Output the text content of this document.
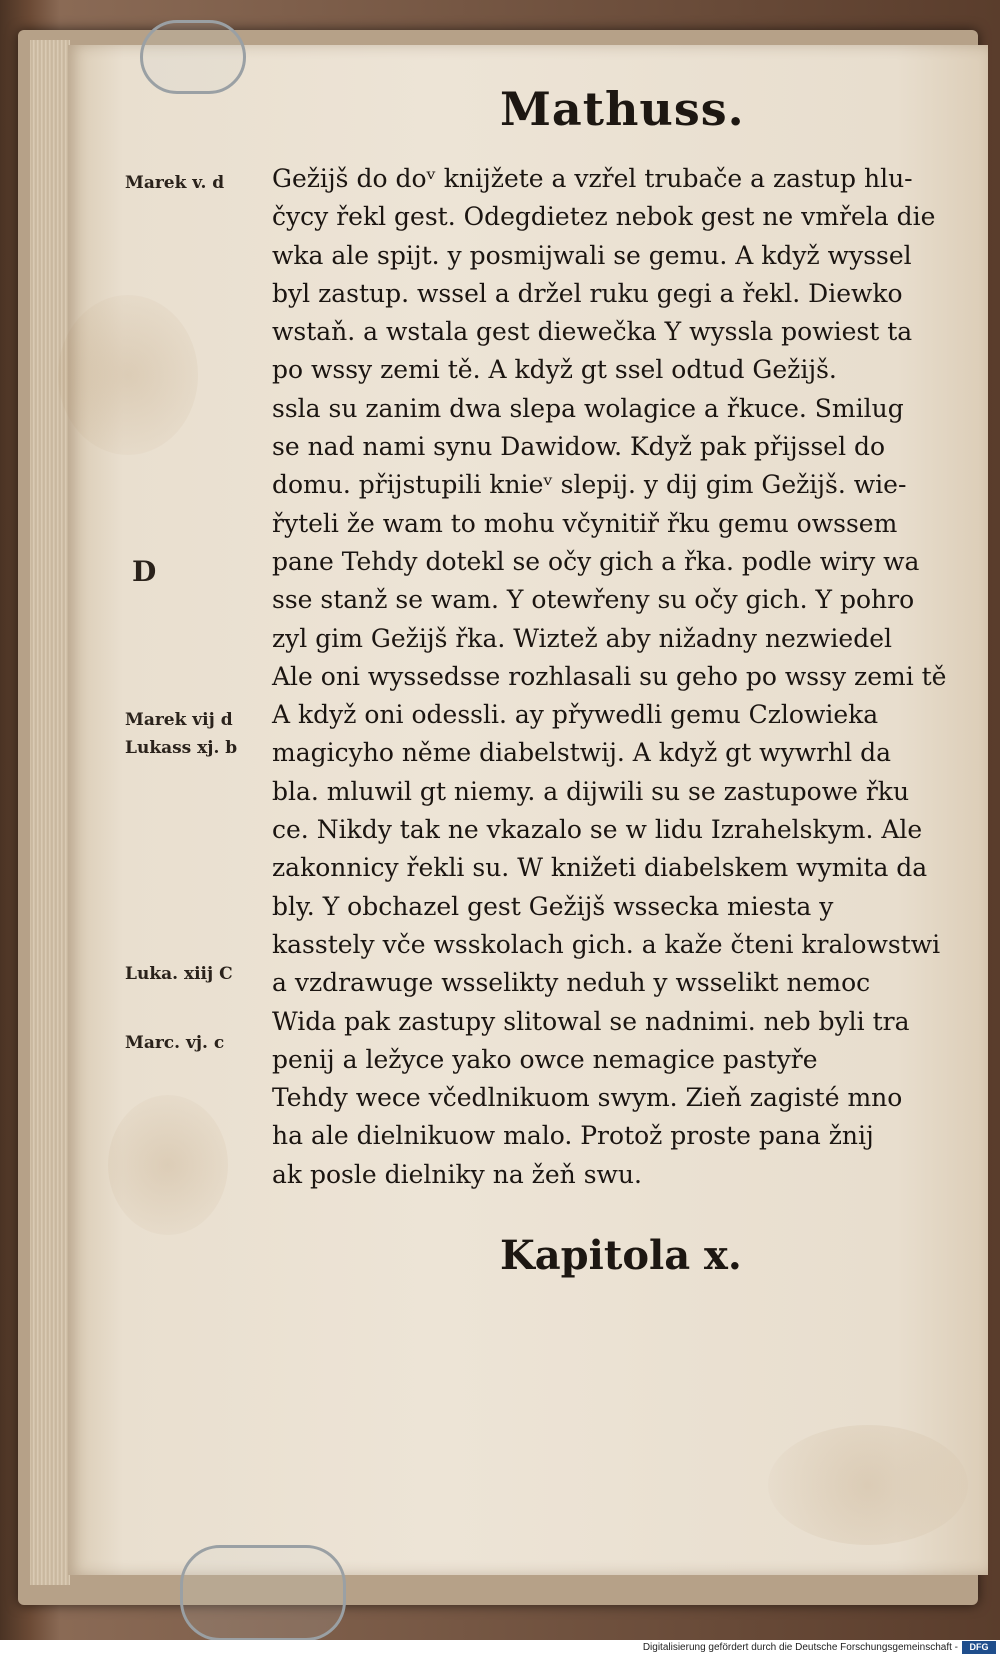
Mathuss.
Marek v. d
D
Marek vij d
Lukass xj. b
Luka. xiij C
Marc. vj. c
Gežijš do doᵛ knijžete a vzřel trubače a zastup hlu-
čycy řekl gest. Odegdietez nebok gest ne vmřela die
wka ale spijt. y posmijwali se gemu. A když wyssel
byl zastup. wssel a držel ruku gegi a řekl. Diewko
wstaň. a wstala gest diewečka Y wyssla powiest ta
po wssy zemi tě. A když gt ssel odtud Gežijš.
ssla su zanim dwa slepa wolagice a řkuce. Smilug
se nad nami synu Dawidow. Když pak přijssel do
domu. přijstupili knieᵛ slepij. y dij gim Gežijš. wie-
řyteli že wam to mohu včynitiř řku gemu owssem
pane Tehdy dotekl se očy gich a řka. podle wiry wa
sse stanž se wam. Y otewřeny su očy gich. Y pohro
zyl gim Gežijš řka. Wiztež aby nižadny nezwiedel
Ale oni wyssedsse rozhlasali su geho po wssy zemi tě
A když oni odessli. ay přywedli gemu Czlowieka
magicyho něme diabelstwij. A když gt wywrhl da
bla. mluwil gt niemy. a dijwili su se zastupowe řku
ce. Nikdy tak ne vkazalo se w lidu Izrahelskym. Ale
zakonnicy řekli su. W knižeti diabelskem wymita da
bly. Y obchazel gest Gežijš wssecka miesta y
kasstely vče wsskolach gich. a kaže čteni kralowstwi
a vzdrawuge wsselikty neduh y wsselikt nemoc
Wida pak zastupy slitowal se nadnimi. neb byli tra
penij a ležyce yako owce nemagice pastyře
Tehdy wece včedlnikuom swym. Zieň zagisté mno
ha ale dielnikuow malo. Protož proste pana žnij
ak posle dielniky na žeň swu.
Kapitola x.
Digitalisierung gefördert durch die Deutsche Forschungsgemeinschaft -	DFG
